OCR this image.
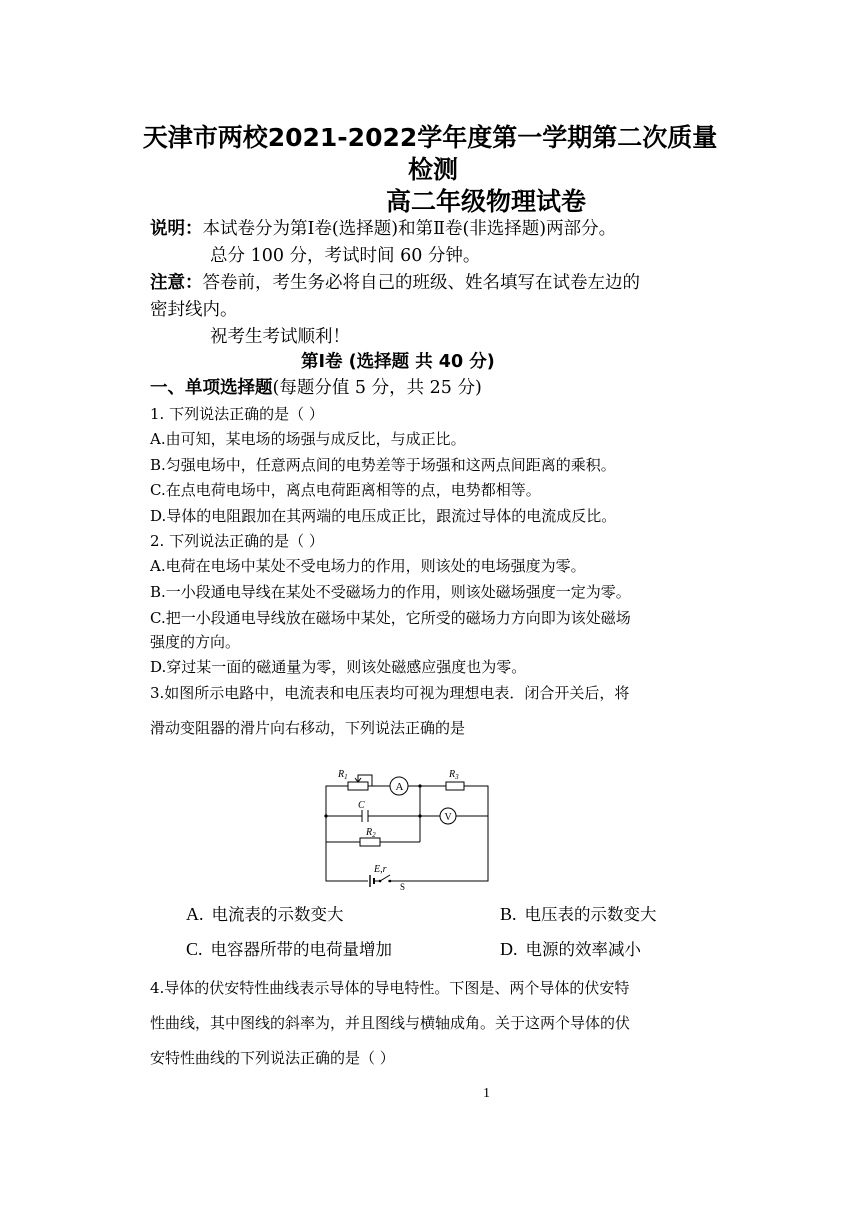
天津市两校2021-2022学年度第一学期第二次质量
检测
高二年级物理试卷
说明：本试卷分为第Ⅰ卷(选择题)和第Ⅱ卷(非选择题)两部分。
总分 100 分，考试时间 60 分钟。
注意：答卷前，考生务必将自己的班级、姓名填写在试卷左边的
密封线内。
祝考生考试顺利！
第Ⅰ卷 (选择题 共 40 分)
一、单项选择题(每题分值 5 分，共 25 分)
1. 下列说法正确的是（ ）
A.由可知，某电场的场强与成反比，与成正比。
B.匀强电场中，任意两点间的电势差等于场强和这两点间距离的乘积。
C.在点电荷电场中，离点电荷距离相等的点，电势都相等。
D.导体的电阻跟加在其两端的电压成正比，跟流过导体的电流成反比。
2. 下列说法正确的是（ ）
A.电荷在电场中某处不受电场力的作用，则该处的电场强度为零。
B.一小段通电导线在某处不受磁场力的作用，则该处磁场强度一定为零。
C.把一小段通电导线放在磁场中某处，它所受的磁场力方向即为该处磁场
强度的方向。
D.穿过某一面的磁通量为零，则该处磁感应强度也为零。
3.如图所示电路中，电流表和电压表均可视为理想电表．闭合开关后，将
滑动变阻器的滑片向右移动，下列说法正确的是
A
V
$R_1$	$R_3$
C
$R_2$
E,r
S
A. 电流表的示数变大	B. 电压表的示数变大
C. 电容器所带的电荷量增加	D. 电源的效率减小
4.导体的伏安特性曲线表示导体的导电特性。下图是、两个导体的伏安特
性曲线，其中图线的斜率为，并且图线与横轴成角。关于这两个导体的伏
安特性曲线的下列说法正确的是（ ）
1
